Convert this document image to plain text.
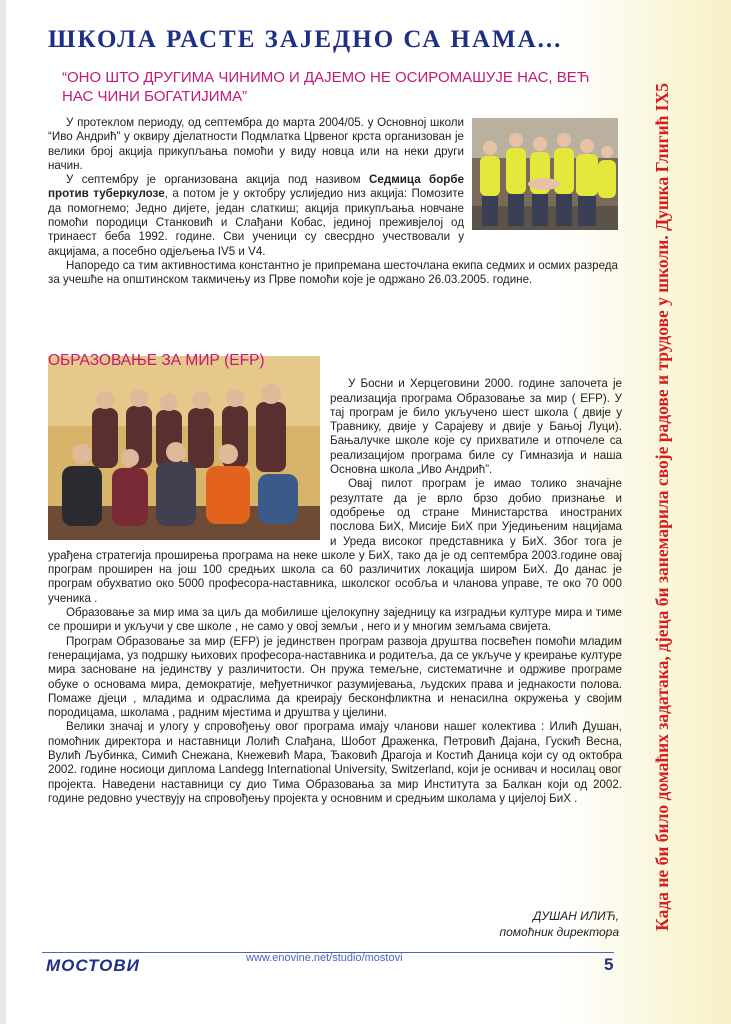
ШКОЛА РАСТЕ ЗАЈЕДНО СА НАМА...
“ОНО ШТО ДРУГИМА ЧИНИМО И ДАЈЕМО НЕ ОСИРОМАШУЈЕ НАС, ВЕЋ НАС ЧИНИ БОГАТИЈИМА”

У протеклом периоду, од септембра до марта 2004/05. у Основној школи “Иво Андрић” у оквиру дјелатности Подмлатка Црвеног крста организован је велики број акција прикупљања помоћи у виду новца или на неки други начин.

У септембру је организована акција под називом Седмица борбе против туберкулозе, а потом је у октобру услиједио низ акција: Помозите да помогнемо; Једно дијете, један слаткиш; акција прикупљања новчане помоћи породици Станковић и Слађани Кобас, јединој преживјелој од тринаест беба 1992. године. Сви ученици су свесрдно учествовали у акцијама, а посебно одјељења IV5 и V4.

Напоредо са тим активностима константно је припремана шесточлана екипа седмих и осмих разреда за учешће на општинском такмичењу из Прве помоћи које је одржано 26.03.2005. године.

ОБРАЗОВАЊЕ ЗА МИР (EFP)

У Босни и Херцеговини 2000. године започета је реализација програма Образовање за мир ( EFP). У тај програм је било укључено шест школа ( двије у Травнику, двије у Сарајеву и двије у Бањој Луци). Бањалучке школе које су прихватиле и отпочеле са реализацијом програма биле су Гимназија и наша Основна школа „Иво Андрић”.

Овај пилот програм је имао толико значајне резултате да је врло брзо добио признање и одобрење од стране Министарства иностраних послова БиХ, Мисије БиХ при Уједињеним нацијама и Уреда високог представника у БиХ. Због тога је урађена стратегија проширења програма на неке школе у БиХ, тако да је од септембра 2003.године овај програм проширен на још 100 средњих школа са 60 различитих локација широм БиХ. До данас је програм обухватио око 5000 професора-наставника, школског особља и чланова управе, те око 70 000 ученика .

Образовање за мир има за циљ да мобилише цјелокупну заједницу ка изградњи културе мира и тиме се прошири и укључи у све школе , не само у овој земљи , него и у многим земљама свијета.

Програм Образовање за мир (EFP) је јединствен програм развоја друштва посвећен помоћи младим генерацијама, уз подршку њихових професора-наставника и родитеља, да се укључе у креирање културе мира засноване на јединству у различитости. Он пружа темељне, систематичне и одрживе програме обуке о основама мира, демократије, међуетничког разумијевања, људских права и једнакости полова. Помаже дјеци , младима и одраслима да креирају бесконфликтна и ненасилна окружења у својим породицама, школама , радним мјестима и друштва у цјелини.

Велики значај и улогу у спровођењу овог програма имају чланови нашег колектива : Илић Душан, помоћник директора и наставници Лолић Слађана, Шобот Драженка, Петровић Дајана, Гускић Весна, Вулић Љубинка, Симић Снежана, Кнежевић Мара, Ђаковић Драгоја и Костић Даница који су од октобра 2002. године носиоци диплома Landegg International University, Switzerland, који је оснивач и носилац овог пројекта. Наведени наставници су дио Тима Образовања за мир Института за Балкан који од 2002. године редовно учествују на спровођењу пројекта у основним и средњим школама у цијелој БиХ .

ДУШАН ИЛИЋ,
помоћник директора
МОСТОВИ	www.enovine.net/studio/mostovi	5
Када не би било домаћих задатака, дјеца би занемарила своје радове и трудове у школи. Душка Глигић IX5
